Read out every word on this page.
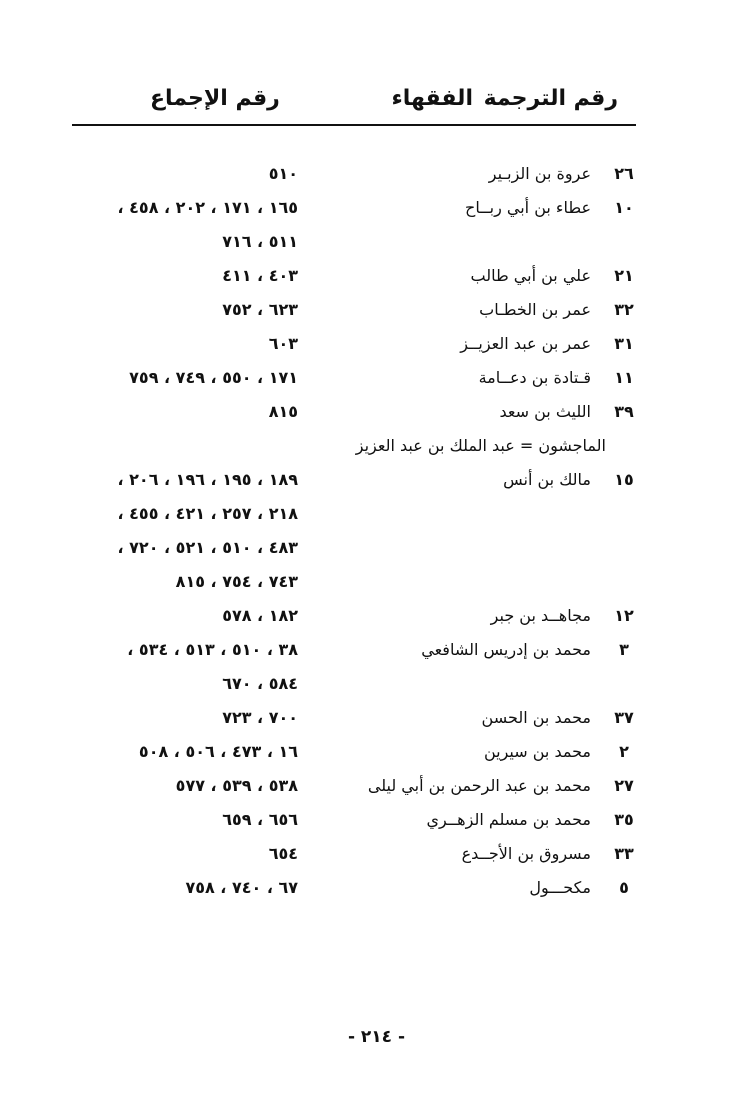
رقم الترجمة
الفقهاء
رقم الإجماع
٢٦
عروة بن الزبـير
٥١٠
١٠
عطاء بن أبي ربــاح
١٦٥ ، ١٧١ ، ٢٠٢ ، ٤٥٨ ،
٥١١ ، ٧١٦
٢١
علي بن أبي طالب
٤٠٣ ، ٤١١
٣٢
عمر بن الخطـاب
٦٢٣ ، ٧٥٢
٣١
عمر بن عبد العزيــز
٦٠٣
١١
قـتادة بن دعــامة
١٧١ ، ٥٥٠ ، ٧٤٩ ، ٧٥٩
٣٩
الليث بن سعد
٨١٥
الماجشون = عبد الملك بن عبد العزيز
١٥
مالك بن أنس
١٨٩ ، ١٩٥ ، ١٩٦ ، ٢٠٦ ،
٢١٨ ، ٢٥٧ ، ٤٢١ ، ٤٥٥ ،
٤٨٣ ، ٥١٠ ، ٥٢١ ، ٧٢٠ ،
٧٤٣ ، ٧٥٤ ، ٨١٥
١٢
مجاهــد بن جبر
١٨٢ ، ٥٧٨
٣
محمد بن إدريس الشافعي
٣٨ ، ٥١٠ ، ٥١٣ ، ٥٣٤ ،
٥٨٤ ، ٦٧٠
٣٧
محمد بن الحسن
٧٠٠ ، ٧٢٣
٢
محمد بن سيرين
١٦ ، ٤٧٣ ، ٥٠٦ ، ٥٠٨
٢٧
محمد بن عبد الرحمن بن أبي ليلى
٥٣٨ ، ٥٣٩ ، ٥٧٧
٣٥
محمد بن مسلم الزهــري
٦٥٦ ، ٦٥٩
٣٣
مسروق بن الأجــدع
٦٥٤
٥
مكحـــول
٦٧ ، ٧٤٠ ، ٧٥٨
- ٢١٤ -
